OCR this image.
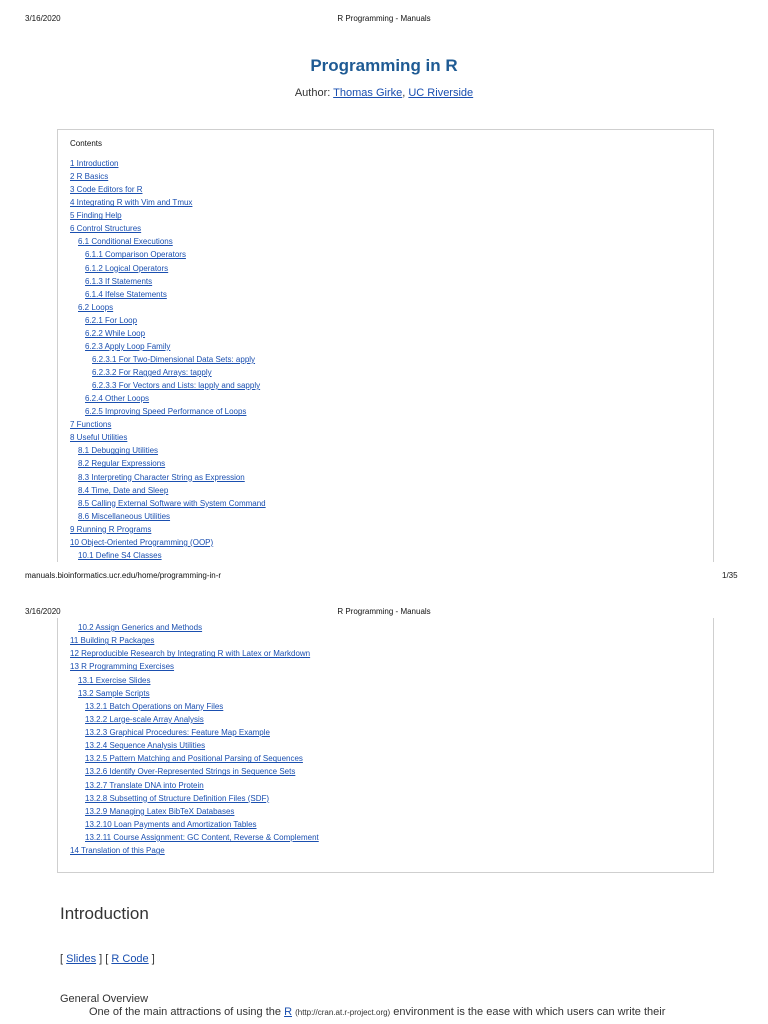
3/16/2020	R Programming - Manuals
Programming in R
Author: Thomas Girke, UC Riverside
Contents
1 Introduction
2 R Basics
3 Code Editors for R
4 Integrating R with Vim and Tmux
5 Finding Help
6 Control Structures
6.1 Conditional Executions
6.1.1 Comparison Operators
6.1.2 Logical Operators
6.1.3 If Statements
6.1.4 Ifelse Statements
6.2 Loops
6.2.1 For Loop
6.2.2 While Loop
6.2.3 Apply Loop Family
6.2.3.1 For Two-Dimensional Data Sets: apply
6.2.3.2 For Ragged Arrays: tapply
6.2.3.3 For Vectors and Lists: lapply and sapply
6.2.4 Other Loops
6.2.5 Improving Speed Performance of Loops
7 Functions
8 Useful Utilities
8.1 Debugging Utilities
8.2 Regular Expressions
8.3 Interpreting Character String as Expression
8.4 Time, Date and Sleep
8.5 Calling External Software with System Command
8.6 Miscellaneous Utilities
9 Running R Programs
10 Object-Oriented Programming (OOP)
10.1 Define S4 Classes
manuals.bioinformatics.ucr.edu/home/programming-in-r	1/35
3/16/2020	R Programming - Manuals
10.2 Assign Generics and Methods
11 Building R Packages
12 Reproducible Research by Integrating R with Latex or Markdown
13 R Programming Exercises
13.1 Exercise Slides
13.2 Sample Scripts
13.2.1 Batch Operations on Many Files
13.2.2 Large-scale Array Analysis
13.2.3 Graphical Procedures: Feature Map Example
13.2.4 Sequence Analysis Utilities
13.2.5 Pattern Matching and Positional Parsing of Sequences
13.2.6 Identify Over-Represented Strings in Sequence Sets
13.2.7 Translate DNA into Protein
13.2.8 Subsetting of Structure Definition Files (SDF)
13.2.9 Managing Latex BibTeX Databases
13.2.10 Loan Payments and Amortization Tables
13.2.11 Course Assignment: GC Content, Reverse & Complement
14 Translation of this Page
Introduction
[ Slides ] [ R Code ]
General Overview
One of the main attractions of using the R (http://cran.at.r-project.org) environment is the ease with which users can write their
